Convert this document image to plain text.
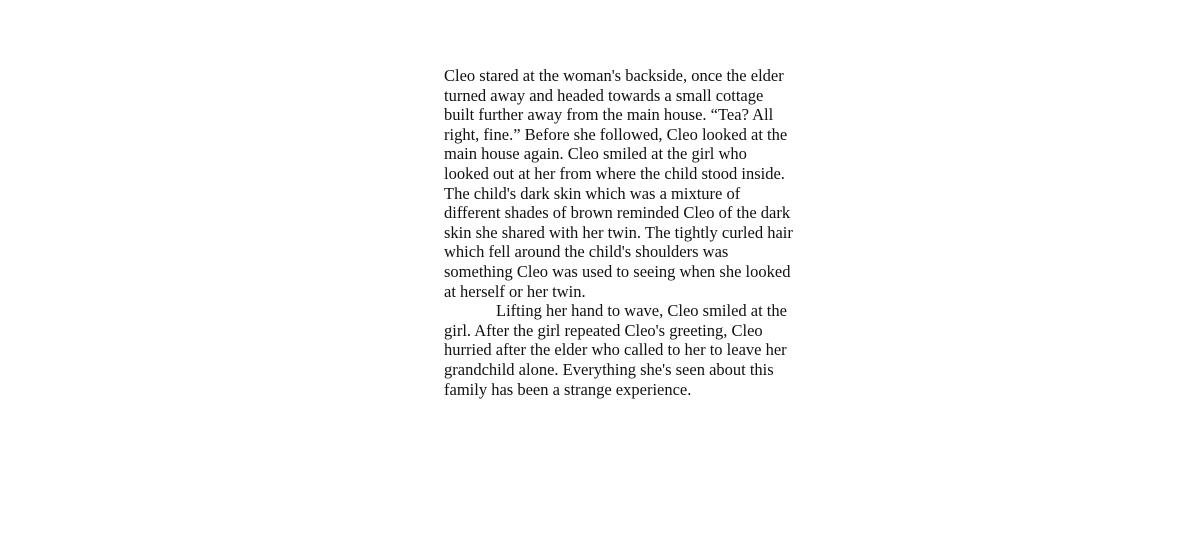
Cleo stared at the woman's backside, once the elder
turned away and headed towards a small cottage
built further away from the main house. “Tea? All
right, fine.” Before she followed, Cleo looked at the
main house again. Cleo smiled at the girl who
looked out at her from where the child stood inside.
The child's dark skin which was a mixture of
different shades of brown reminded Cleo of the dark
skin she shared with her twin. The tightly curled hair
which fell around the child's shoulders was
something Cleo was used to seeing when she looked
at herself or her twin.
Lifting her hand to wave, Cleo smiled at the
girl. After the girl repeated Cleo's greeting, Cleo
hurried after the elder who called to her to leave her
grandchild alone. Everything she's seen about this
family has been a strange experience.
